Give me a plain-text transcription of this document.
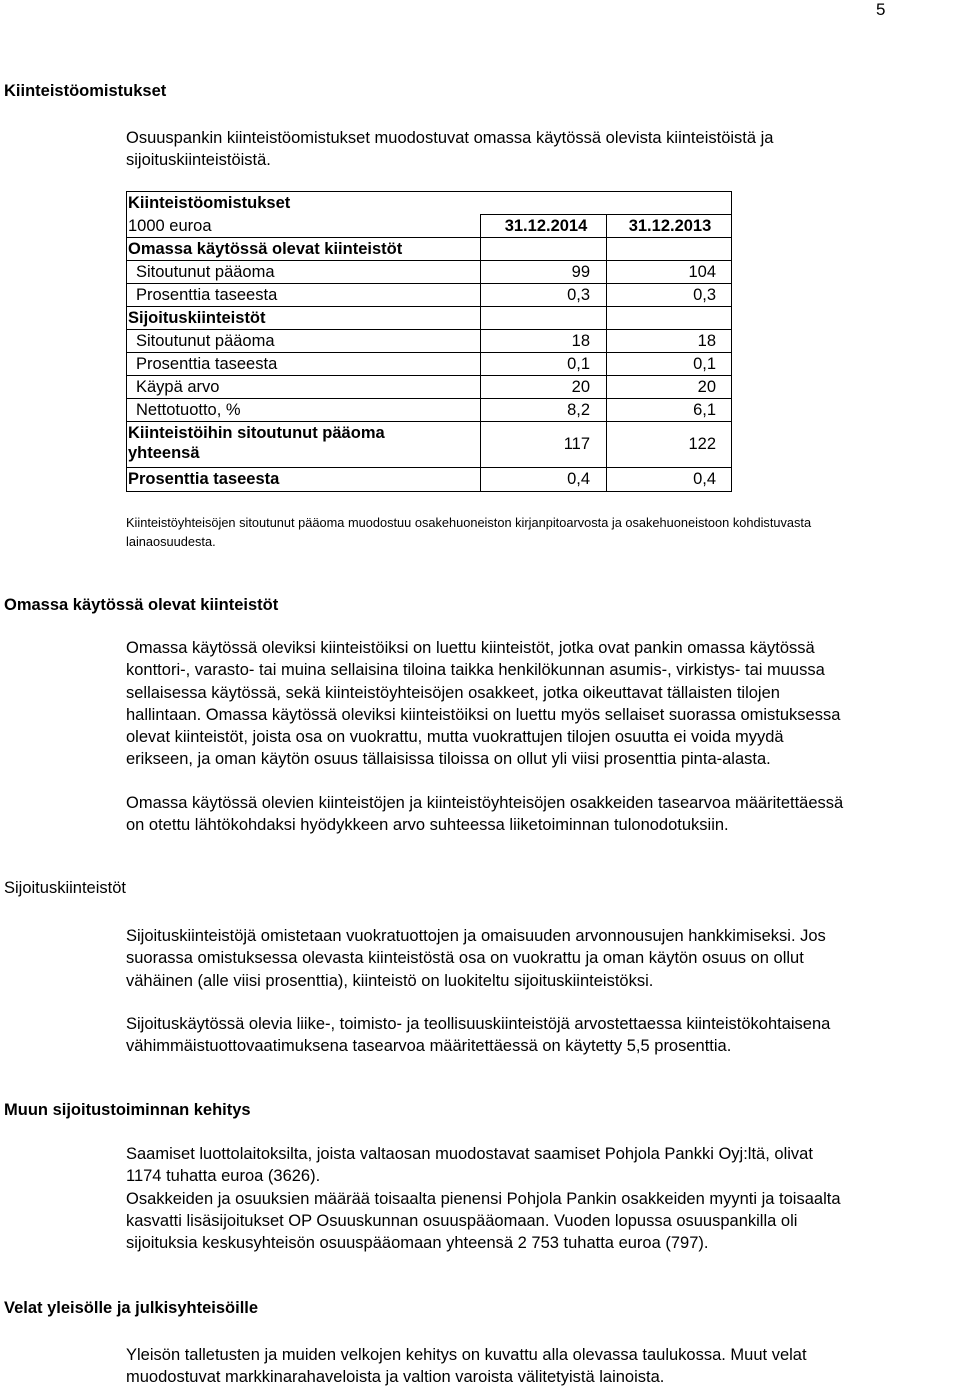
5
Kiinteistöomistukset
Osuuspankin kiinteistöomistukset muodostuvat omassa käytössä olevista kiinteistöistä ja
sijoituskiinteistöistä.
Kiinteistöomistukset
1000 euroa	31.12.2014	31.12.2013
Omassa käytössä olevat kiinteistöt
Sitoutunut pääoma	99	104
Prosenttia taseesta	0,3	0,3
Sijoituskiinteistöt
Sitoutunut pääoma	18	18
Prosenttia taseesta	0,1	0,1
Käypä arvo	20	20
Nettotuotto, %	8,2	6,1
Kiinteistöihin sitoutunut pääoma
yhteensä	117	122
Prosenttia taseesta	0,4	0,4
Kiinteistöyhteisöjen sitoutunut pääoma muodostuu osakehuoneiston kirjanpitoarvosta ja osakehuoneistoon kohdistuvasta
lainaosuudesta.
Omassa käytössä olevat kiinteistöt
Omassa käytössä oleviksi kiinteistöiksi on luettu kiinteistöt, jotka ovat pankin omassa käytössä
konttori-, varasto- tai muina sellaisina tiloina taikka henkilökunnan asumis-, virkistys- tai muussa
sellaisessa käytössä, sekä kiinteistöyhteisöjen osakkeet, jotka oikeuttavat tällaisten tilojen
hallintaan. Omassa käytössä oleviksi kiinteistöiksi on luettu myös sellaiset suorassa omistuksessa
olevat kiinteistöt, joista osa on vuokrattu, mutta vuokrattujen tilojen osuutta ei voida myydä
erikseen, ja oman käytön osuus tällaisissa tiloissa on ollut yli viisi prosenttia pinta-alasta.
Omassa käytössä olevien kiinteistöjen ja kiinteistöyhteisöjen osakkeiden tasearvoa määritettäessä
on otettu lähtökohdaksi hyödykkeen arvo suhteessa liiketoiminnan tulonodotuksiin.
Sijoituskiinteistöt
Sijoituskiinteistöjä omistetaan vuokratuottojen ja omaisuuden arvonnousujen hankkimiseksi. Jos
suorassa omistuksessa olevasta kiinteistöstä osa on vuokrattu ja oman käytön osuus on ollut
vähäinen (alle viisi prosenttia), kiinteistö on luokiteltu sijoituskiinteistöksi.
Sijoituskäytössä olevia liike-, toimisto- ja teollisuuskiinteistöjä arvostettaessa kiinteistökohtaisena
vähimmäistuottovaatimuksena tasearvoa määritettäessä on käytetty 5,5 prosenttia.
Muun sijoitustoiminnan kehitys
Saamiset luottolaitoksilta, joista valtaosan muodostavat saamiset Pohjola Pankki Oyj:ltä, olivat
1174 tuhatta euroa (3626).
Osakkeiden ja osuuksien määrää toisaalta pienensi Pohjola Pankin osakkeiden myynti ja toisaalta
kasvatti lisäsijoitukset OP Osuuskunnan osuuspääomaan. Vuoden lopussa osuuspankilla oli
sijoituksia keskusyhteisön osuuspääomaan yhteensä 2 753 tuhatta euroa (797).
Velat yleisölle ja julkisyhteisöille
Yleisön talletusten ja muiden velkojen kehitys on kuvattu alla olevassa taulukossa. Muut velat
muodostuvat markkinarahaveloista ja valtion varoista välitetyistä lainoista.
